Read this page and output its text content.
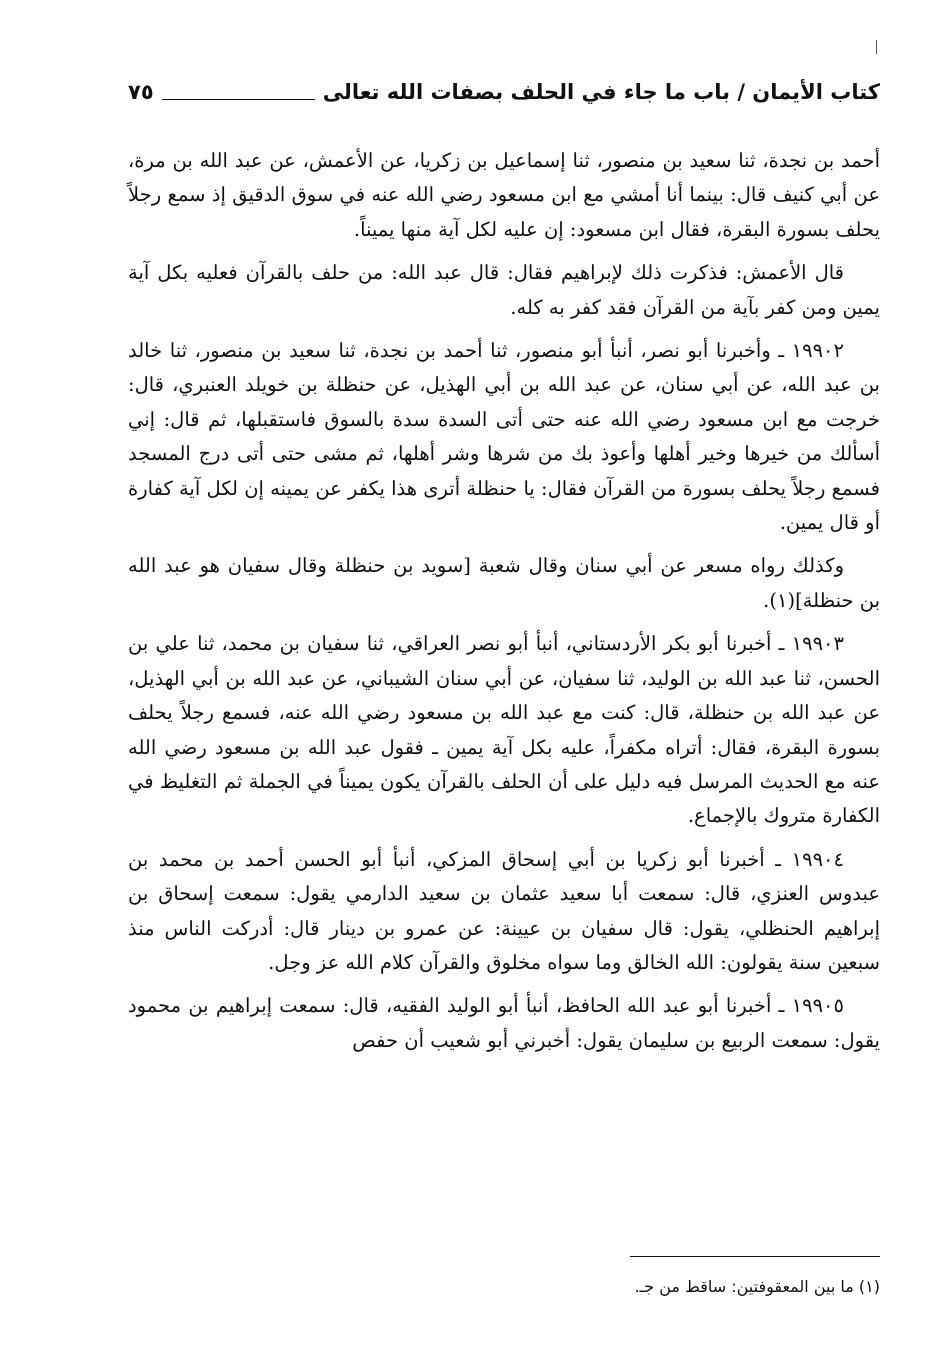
كتاب الأيمان / باب ما جاء في الحلف بصفات الله تعالى
٧٥

أحمد بن نجدة، ثنا سعيد بن منصور، ثنا إسماعيل بن زكريا، عن الأعمش، عن عبد الله بن مرة، عن أبي كنيف قال: بينما أنا أمشي مع ابن مسعود رضي الله عنه في سوق الدقيق إذ سمع رجلاً يحلف بسورة البقرة، فقال ابن مسعود: إن عليه لكل آية منها يميناً.

قال الأعمش: فذكرت ذلك لإبراهيم فقال: قال عبد الله: من حلف بالقرآن فعليه بكل آية يمين ومن كفر بآية من القرآن فقد كفر به كله.

١٩٩٠٢ ـ وأخبرنا أبو نصر، أنبأ أبو منصور، ثنا أحمد بن نجدة، ثنا سعيد بن منصور، ثنا خالد بن عبد الله، عن أبي سنان، عن عبد الله بن أبي الهذيل، عن حنظلة بن خويلد العنبري، قال: خرجت مع ابن مسعود رضي الله عنه حتى أتى السدة سدة بالسوق فاستقبلها، ثم قال: إني أسألك من خيرها وخير أهلها وأعوذ بك من شرها وشر أهلها، ثم مشى حتى أتى درج المسجد فسمع رجلاً يحلف بسورة من القرآن فقال: يا حنظلة أترى هذا يكفر عن يمينه إن لكل آية كفارة أو قال يمين.

وكذلك رواه مسعر عن أبي سنان وقال شعبة [سويد بن حنظلة وقال سفيان هو عبد الله بن حنظلة](١).

١٩٩٠٣ ـ أخبرنا أبو بكر الأردستاني، أنبأ أبو نصر العراقي، ثنا سفيان بن محمد، ثنا علي بن الحسن، ثنا عبد الله بن الوليد، ثنا سفيان، عن أبي سنان الشيباني، عن عبد الله بن أبي الهذيل، عن عبد الله بن حنظلة، قال: كنت مع عبد الله بن مسعود رضي الله عنه، فسمع رجلاً يحلف بسورة البقرة، فقال: أتراه مكفراً، عليه بكل آية يمين ـ فقول عبد الله بن مسعود رضي الله عنه مع الحديث المرسل فيه دليل على أن الحلف بالقرآن يكون يميناً في الجملة ثم التغليظ في الكفارة متروك بالإجماع.

١٩٩٠٤ ـ أخبرنا أبو زكريا بن أبي إسحاق المزكي، أنبأ أبو الحسن أحمد بن محمد بن عبدوس العنزي، قال: سمعت أبا سعيد عثمان بن سعيد الدارمي يقول: سمعت إسحاق بن إبراهيم الحنظلي، يقول: قال سفيان بن عيينة: عن عمرو بن دينار قال: أدركت الناس منذ سبعين سنة يقولون: الله الخالق وما سواه مخلوق والقرآن كلام الله عز وجل.

١٩٩٠٥ ـ أخبرنا أبو عبد الله الحافظ، أنبأ أبو الوليد الفقيه، قال: سمعت إبراهيم بن محمود يقول: سمعت الربيع بن سليمان يقول: أخبرني أبو شعيب أن حفص

(١) ما بين المعقوفتين: ساقط من جـ.
